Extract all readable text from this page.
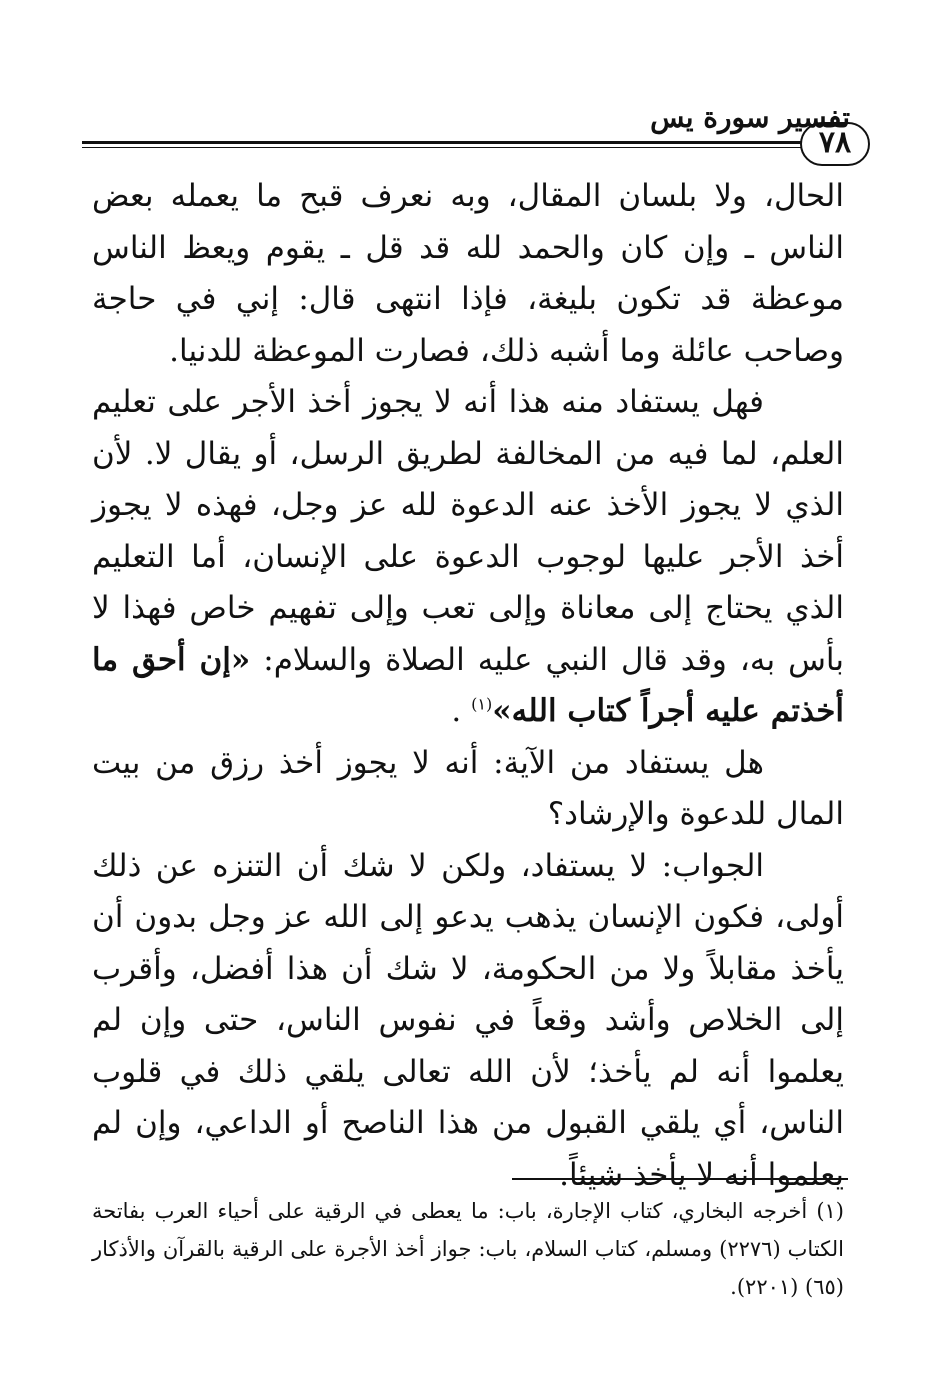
تفسير سورة يس
٧٨

الحال، ولا بلسان المقال، وبه نعرف قبح ما يعمله بعض الناس ـ وإن كان والحمد لله قد قل ـ يقوم ويعظ الناس موعظة قد تكون بليغة، فإذا انتهى قال: إني في حاجة وصاحب عائلة وما أشبه ذلك، فصارت الموعظة للدنيا.

فهل يستفاد منه هذا أنه لا يجوز أخذ الأجر على تعليم العلم، لما فيه من المخالفة لطريق الرسل، أو يقال لا. لأن الذي لا يجوز الأخذ عنه الدعوة لله عز وجل، فهذه لا يجوز أخذ الأجر عليها لوجوب الدعوة على الإنسان، أما التعليم الذي يحتاج إلى معاناة وإلى تعب وإلى تفهيم خاص فهذا لا بأس به، وقد قال النبي عليه الصلاة والسلام: «إن أحق ما أخذتم عليه أجراً كتاب الله»$^{(١)}$ .

هل يستفاد من الآية: أنه لا يجوز أخذ رزق من بيت المال للدعوة والإرشاد؟

الجواب: لا يستفاد، ولكن لا شك أن التنزه عن ذلك أولى، فكون الإنسان يذهب يدعو إلى الله عز وجل بدون أن يأخذ مقابلاً ولا من الحكومة، لا شك أن هذا أفضل، وأقرب إلى الخلاص وأشد وقعاً في نفوس الناس، حتى وإن لم يعلموا أنه لم يأخذ؛ لأن الله تعالى يلقي ذلك في قلوب الناس، أي يلقي القبول من هذا الناصح أو الداعي، وإن لم يعلموا أنه لا يأخذ شيئاً.

(١) أخرجه البخاري، كتاب الإجارة، باب: ما يعطى في الرقية على أحياء العرب بفاتحة الكتاب (٢٢٧٦) ومسلم، كتاب السلام، باب: جواز أخذ الأجرة على الرقية بالقرآن والأذكار (٦٥) (٢٢٠١).
